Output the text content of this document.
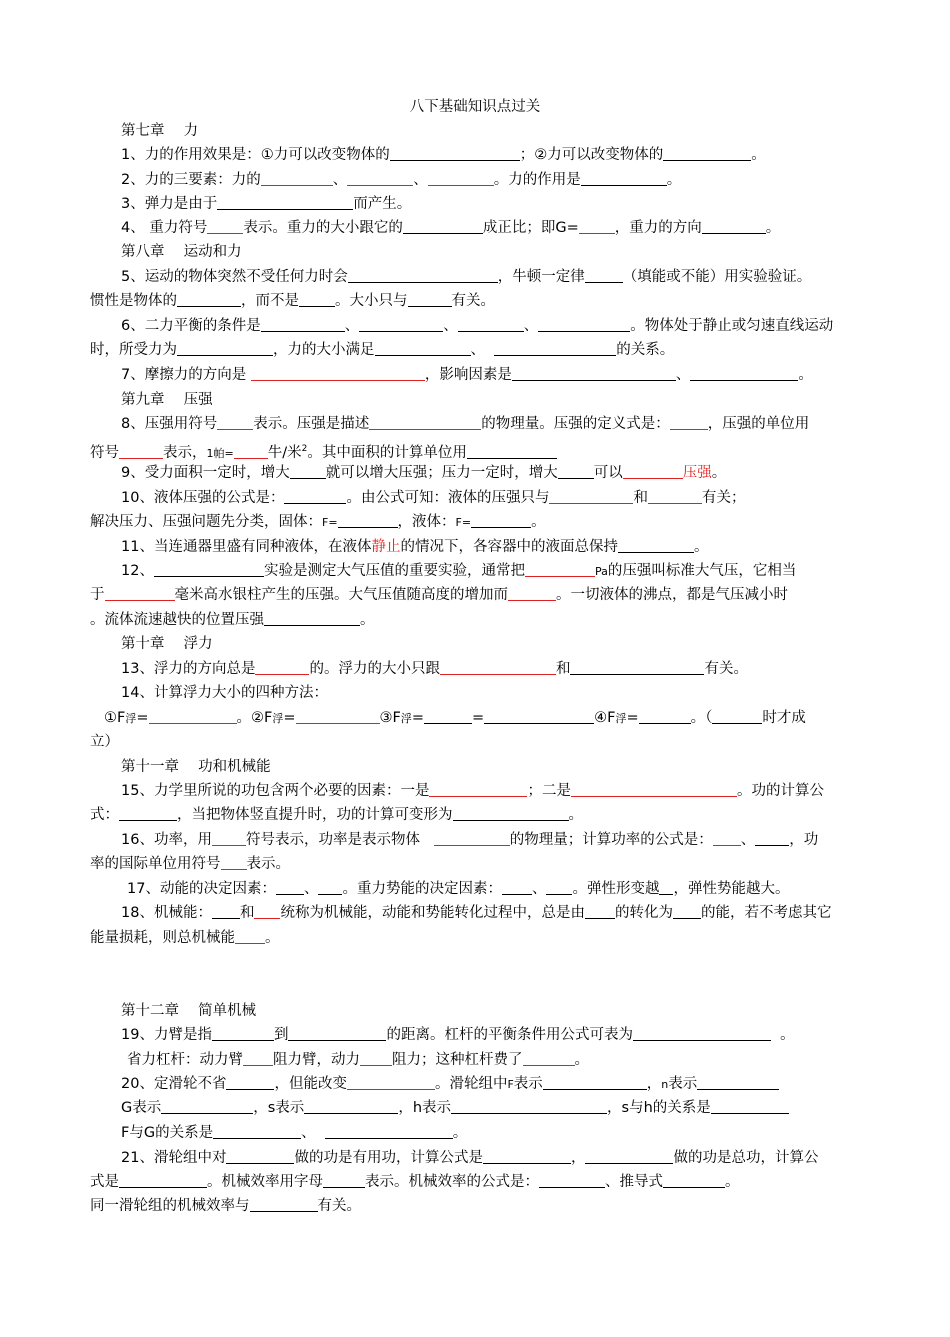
八下基础知识点过关
第七章　 力
1、力的作用效果是：①力可以改变物体的	；②力可以改变物体的	。
2、力的三要素：力的	、	、	。力的作用是	。
3、弹力是由于	而产生。
4、 重力符号 表示。重力的大小跟它的	成正比；即G= ，重力的方向	。
第八章　 运动和力
5、运动的物体突然不受任何力时会	，牛顿一定律	（填能或不能）用实验验证。
惯性是物体的	，而不是 。大小只与	有关。
6、二力平衡的条件是	、	、	、	。物体处于静止或匀速直线运动
时，所受力为	，力的大小满足	、	的关系。
7、摩擦力的方向是	，影响因素是	、	。
第九章　 压强
8、压强用符号 表示。压强是描述	的物理量。压强的定义式是：	，压强的单位用
符号	表示，1帕= 牛/米$^2$。其中面积的计算单位用
9、受力面积一定时，增大 就可以增大压强；压力一定时，增大 可以	压强。
10、液体压强的公式是：	。由公式可知：液体的压强只与	和	有关；
解决压力、压强问题先分类，固体：F=	，液体：F=	。
11、当连通器里盛有同种液体，在液体静止的情况下，各容器中的液面总保持	。
12、	实验是测定大气压值的重要实验，通常把	Pa的压强叫标准大气压，它相当
于	毫米高水银柱产生的压强。大气压值随高度的增加而	。一切液体的沸点，都是气压减小时
。流体流速越快的位置压强	。
第十章　 浮力
13、浮力的方向总是	的。浮力的大小只跟	和	有关。
14、计算浮力大小的四种方法：
①F浮=	。②F浮=	③F浮=	=	④F浮=	。（	时才成
立）
第十一章　 功和机械能
15、力学里所说的功包含两个必要的因素：一是	；二是	。功的计算公
式：	，当把物体竖直提升时，功的计算可变形为	。
16、功率，用 符号表示，功率是表示物体	的物理量；计算功率的公式是： 、 ，功
率的国际单位用符号 表示。
17、动能的决定因素： 、 。重力势能的决定因素： 、 。弹性形变越 ，弹性势能越大。
18、机械能： 和 统称为机械能，动能和势能转化过程中，总是由 的转化为 的能，若不考虑其它
能量损耗，则总机械能 。
第十二章　 简单机械
19、力臂是指	到	的距离。杠杆的平衡条件用公式可表为	。
省力杠杆：动力臂 阻力臂，动力 阻力；这种杠杆费了	。
20、定滑轮不省	，但能改变	。滑轮组中F表示	，n表示
G表示	，s表示	，h表示	，s与h的关系是
F与G的关系是	、	。
21、滑轮组中对	做的功是有用功，计算公式是	，	做的功是总功，计算公
式是	。机械效率用字母	表示。机械效率的公式是：	、推导式	。
同一滑轮组的机械效率与	有关。
